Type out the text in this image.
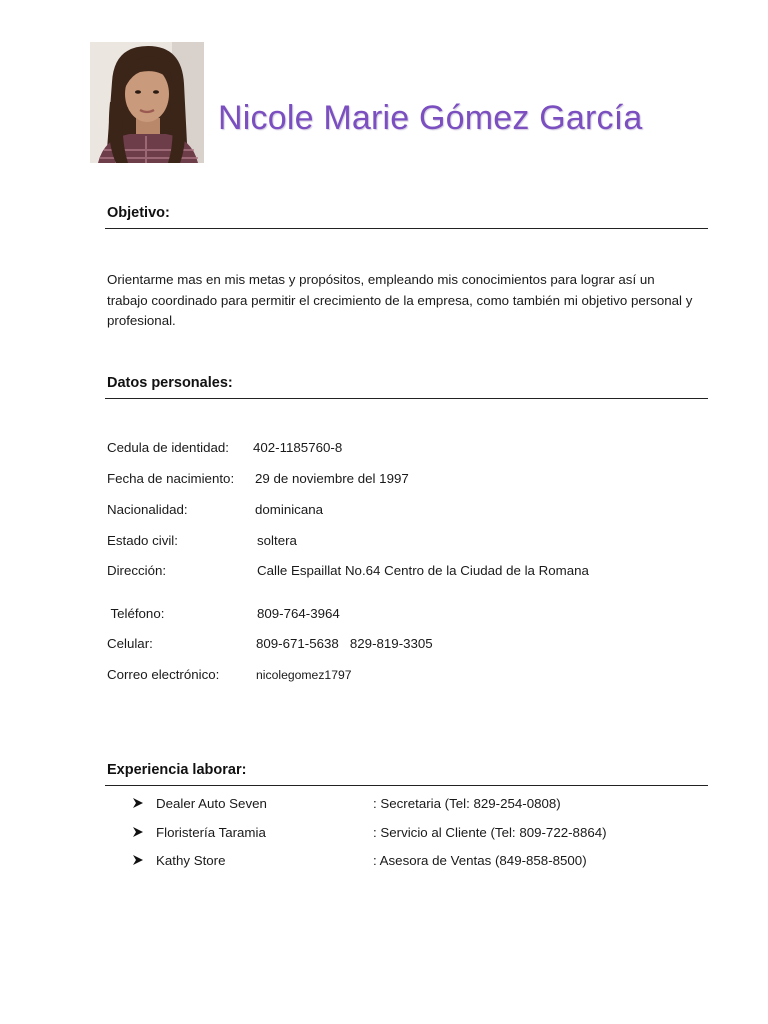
Nicole Marie Gómez García
Objetivo:
Orientarme mas en mis metas y propósitos, empleando mis conocimientos para lograr así un trabajo coordinado para permitir el crecimiento de la empresa, como también mi objetivo personal y profesional.
Datos personales:
Cedula de identidad: 402-1185760-8
Fecha de nacimiento: 29 de noviembre del 1997
Nacionalidad:	dominicana
Estado civil:	soltera
Dirección:	Calle Espaillat No.64 Centro de la Ciudad de la Romana
Teléfono:	809-764-3964
Celular:	809-671-5638   829-819-3305
Correo electrónico:	nicolegomez1797
Experiencia laborar:
Dealer Auto Seven	: Secretaria (Tel: 829-254-0808)
Floristería Taramia	: Servicio al Cliente (Tel: 809-722-8864)
Kathy Store	: Asesora de Ventas (849-858-8500)
